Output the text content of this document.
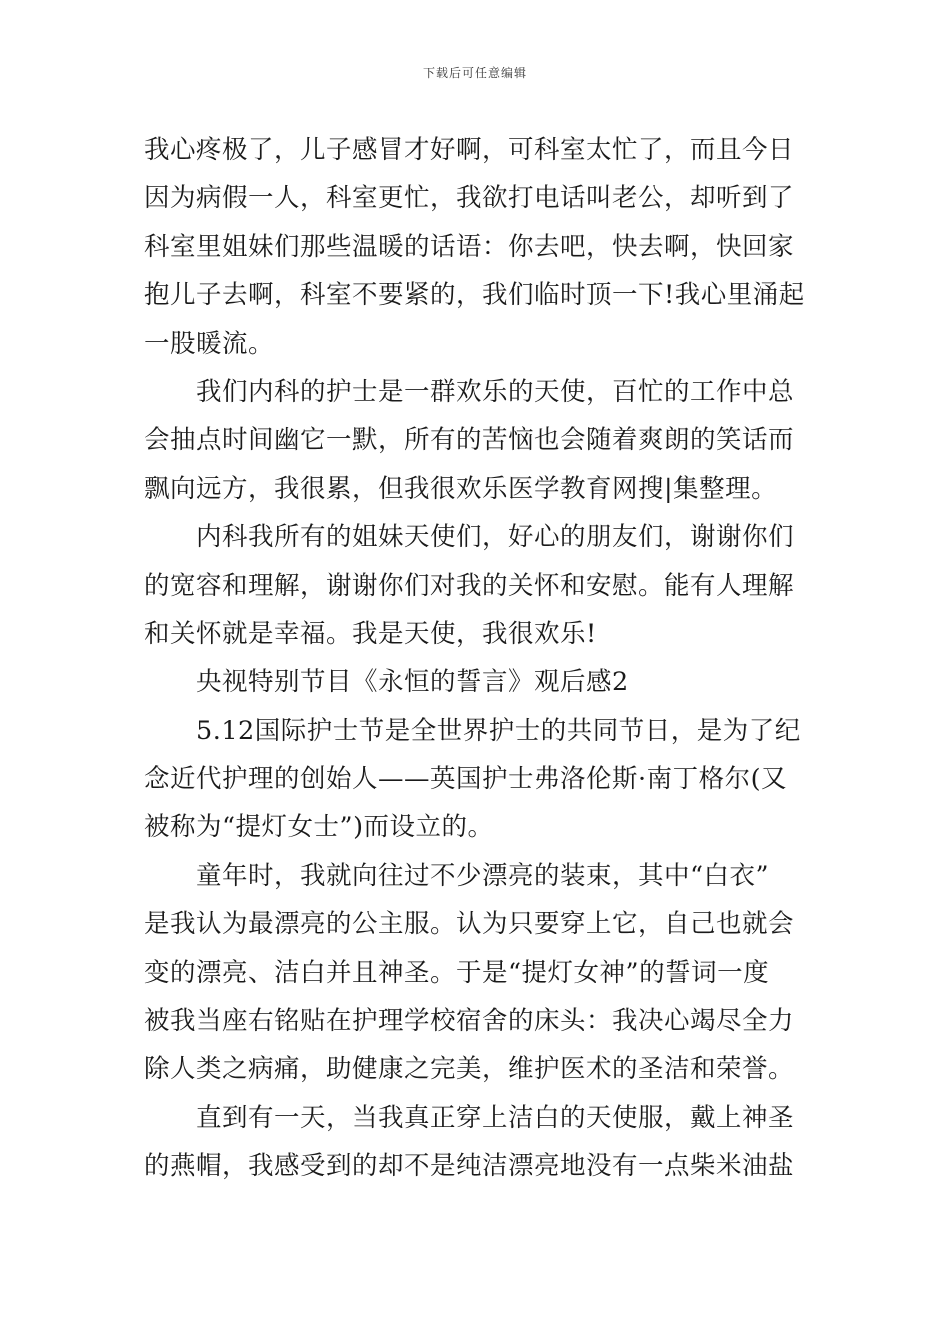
下载后可任意编辑
我心疼极了，儿子感冒才好啊，可科室太忙了，而且今日
因为病假一人，科室更忙，我欲打电话叫老公，却听到了
科室里姐妹们那些温暖的话语：你去吧，快去啊，快回家
抱儿子去啊，科室不要紧的，我们临时顶一下!我心里涌起
一股暖流。
我们内科的护士是一群欢乐的天使，百忙的工作中总
会抽点时间幽它一默，所有的苦恼也会随着爽朗的笑话而
飘向远方，我很累，但我很欢乐医学教育网搜|集整理。
内科我所有的姐妹天使们，好心的朋友们，谢谢你们
的宽容和理解，谢谢你们对我的关怀和安慰。能有人理解
和关怀就是幸福。我是天使，我很欢乐!
央视特别节目《永恒的誓言》观后感2
5.12国际护士节是全世界护士的共同节日，是为了纪
念近代护理的创始人——英国护士弗洛伦斯·南丁格尔(又
被称为“提灯女士”)而设立的。
童年时，我就向往过不少漂亮的装束，其中“白衣”
是我认为最漂亮的公主服。认为只要穿上它，自己也就会
变的漂亮、洁白并且神圣。于是“提灯女神”的誓词一度
被我当座右铭贴在护理学校宿舍的床头：我决心竭尽全力
除人类之病痛，助健康之完美，维护医术的圣洁和荣誉。
直到有一天，当我真正穿上洁白的天使服，戴上神圣
的燕帽，我感受到的却不是纯洁漂亮地没有一点柴米油盐
